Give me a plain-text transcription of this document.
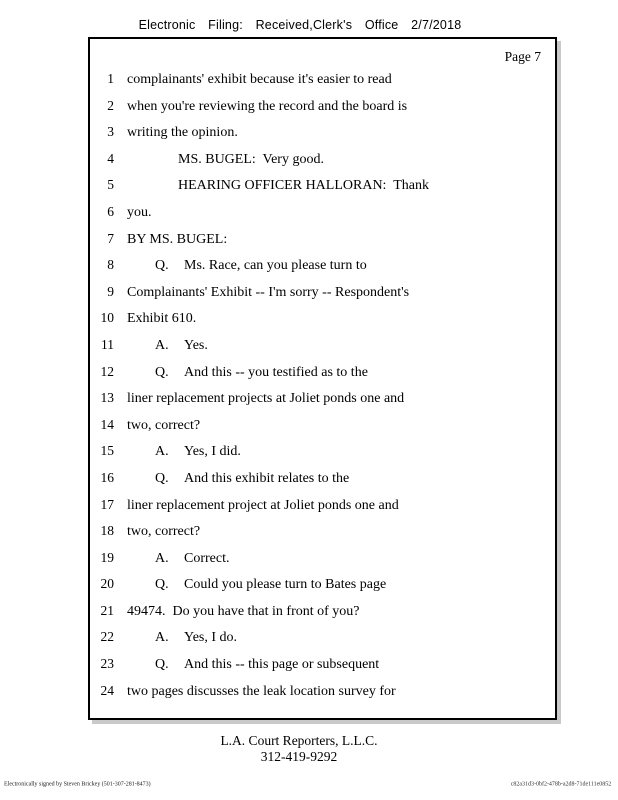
Electronic Filing: Received,Clerk's Office 2/7/2018
Page 7
1 complainants' exhibit because it's easier to read
2 when you're reviewing the record and the board is
3 writing the opinion.
4	MS. BUGEL:  Very good.
5	HEARING OFFICER HALLORAN:  Thank
6 you.
7 BY MS. BUGEL:
8	Q. Ms. Race, can you please turn to
9 Complainants' Exhibit -- I'm sorry -- Respondent's
10 Exhibit 610.
11	A. Yes.
12	Q. And this -- you testified as to the
13 liner replacement projects at Joliet ponds one and
14 two, correct?
15	A. Yes, I did.
16	Q. And this exhibit relates to the
17 liner replacement project at Joliet ponds one and
18 two, correct?
19	A. Correct.
20	Q. Could you please turn to Bates page
21 49474.  Do you have that in front of you?
22	A. Yes, I do.
23	Q. And this -- this page or subsequent
24 two pages discusses the leak location survey for
L.A. Court Reporters, L.L.C.
312-419-9292
Electronically signed by Steven Brickey (501-307-281-8473)	c82a31d3-0bf2-478b-a2d8-71de111e0852
